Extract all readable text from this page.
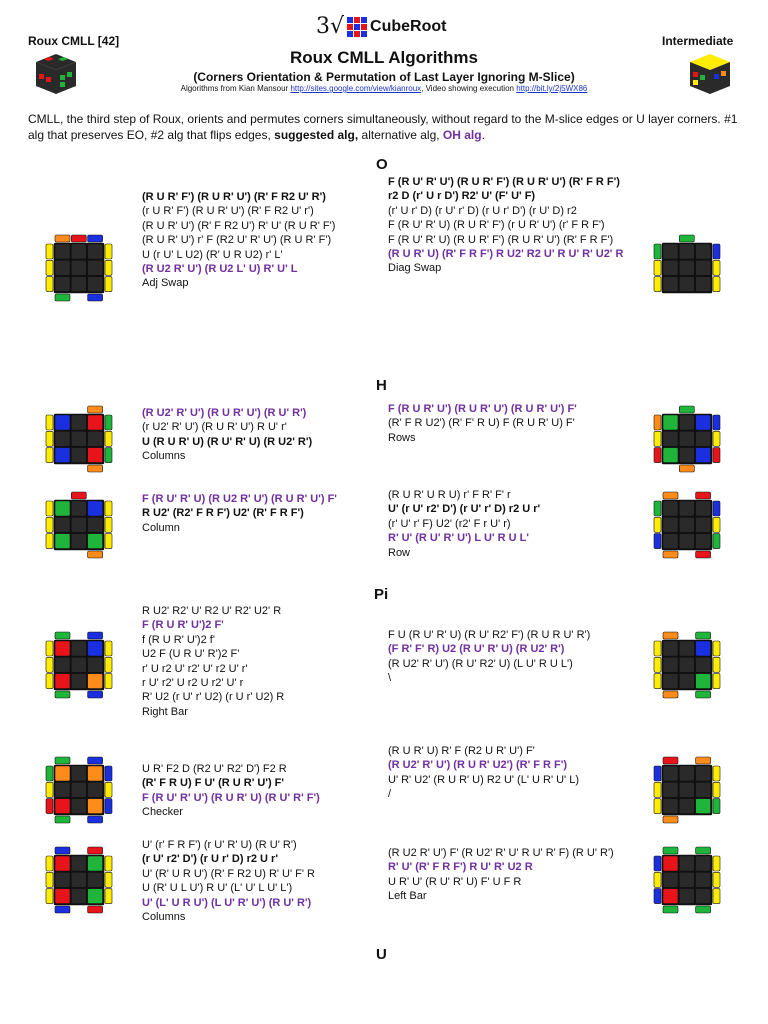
Roux CMLL [42]	Intermediate
3√ CubeRoot
Roux CMLL Algorithms
(Corners Orientation & Permutation of Last Layer Ignoring M-Slice)
Algorithms from Kian Mansour http://sites.google.com/view/kianroux, Video showing execution http://bit.ly/2j5WX86
CMLL, the third step of Roux, orients and permutes corners simultaneously, without regard to the M-slice edges or U layer corners. #1 alg that preserves EO, #2 alg that flips edges, suggested alg, alternative alg, OH alg.
O
H
Pi
U
(R U R' F') (R U R' U') (R' F R2 U' R')
(r U R' F') (R U R' U') (R' F R2 U' r')
(R U R' U') (R' F R2 U') R' U' (R U R' F')
(R U R' U') r' F (R2 U' R' U') (R U R' F')
U (r U' L U2) (R' U R U2) r' L'
(R U2 R' U') (R U2 L' U) R' U' L
Adj Swap
F (R U' R' U') (R U R' F') (R U R' U') (R' F R F')
r2 D (r' U r D') R2' U' (F' U' F)
(r' U r' D) (r U' r' D) (r U r' D') (r U' D) r2
F (R U' R' U) (R U R' F') (r U R' U') (r' F R F')
F (R U' R' U) (R U R' F') (R U R' U') (R' F R F')
(R U R' U) (R' F R F') R U2' R2 U' R U' R' U2' R
Diag Swap
(R U2' R' U') (R U R' U') (R U' R')
(r U2' R' U') (R U R' U') R U' r'
U (R U R' U) (R U' R' U) (R U2' R')
Columns
F (R U R' U') (R U R' U') (R U R' U') F'
(R' F R U2') (R' F' R U) F (R U R' U) F'
Rows
F (R U' R' U) (R U2 R' U') (R U R' U') F'
R U2' (R2' F R F') U2' (R' F R F')
Column
(R U R' U R U) r' F R' F' r
U' (r U' r2' D') (r U' r' D) r2 U r'
(r' U' r' F) U2' (r2' F r U' r)
R' U' (R U' R' U') L U' R U L'
Row
R U2' R2' U' R2 U' R2' U2' R
F (R U R' U')2 F'
f (R U R' U')2 f'
U2 F (U R U' R')2 F'
r' U r2 U' r2' U' r2 U' r'
r U' r2' U r2 U r2' U' r
R' U2 (r U' r' U2) (r U r' U2) R
Right Bar
F U (R U' R' U) (R U' R2' F') (R U R U' R')
(F R' F' R) U2 (R U' R' U) (R U2' R')
(R U2' R' U') (R U' R2' U) (L U' R U L')
\
U R' F2 D (R2 U' R2' D') F2 R
(R' F R U) F U' (R U R' U') F'
F (R U' R' U') (R U R' U) (R U' R' F')
Checker
(R U R' U) R' F (R2 U R' U') F'
(R U2' R' U') (R U R' U2') (R' F R F')
U' R' U2' (R U R' U) R2 U' (L' U R' U' L)
/
U' (r' F R F') (r U' R' U) (R U' R')
(r U' r2' D') (r U r' D) r2 U r'
U' (R' U R U') (R' F R2 U) R' U' F' R
U (R' U L U') R U' (L' U' L U' L')
U' (L' U R U') (L U' R' U') (R U' R')
Columns
(R U2 R' U') F' (R U2' R' U' R U' R' F) (R U' R')
R' U' (R' F R F') R U' R' U2 R
U R' U' (R U' R' U) F' U F R
Left Bar
